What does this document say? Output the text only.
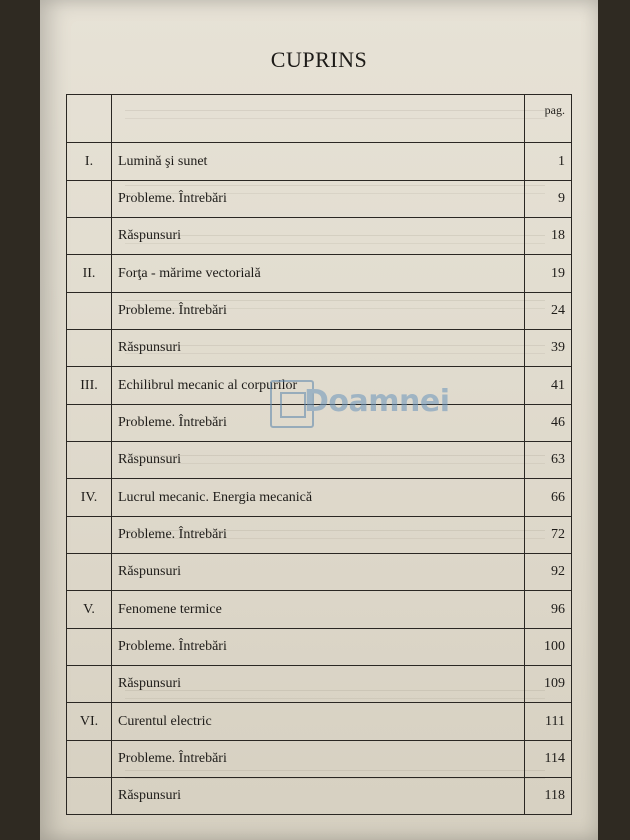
CUPRINS
		pag.
I.	Lumină şi sunet	1
	Probleme. Întrebări	9
	Răspunsuri	18
II.	Forţa - mărime vectorială	19
	Probleme. Întrebări	24
	Răspunsuri	39
III.	Echilibrul mecanic al corpurilor	41
	Probleme. Întrebări	46
	Răspunsuri	63
IV.	Lucrul mecanic. Energia mecanică	66
	Probleme. Întrebări	72
	Răspunsuri	92
V.	Fenomene termice	96
	Probleme. Întrebări	100
	Răspunsuri	109
VI.	Curentul electric	111
	Probleme. Întrebări	114
	Răspunsuri	118
Doamnei
